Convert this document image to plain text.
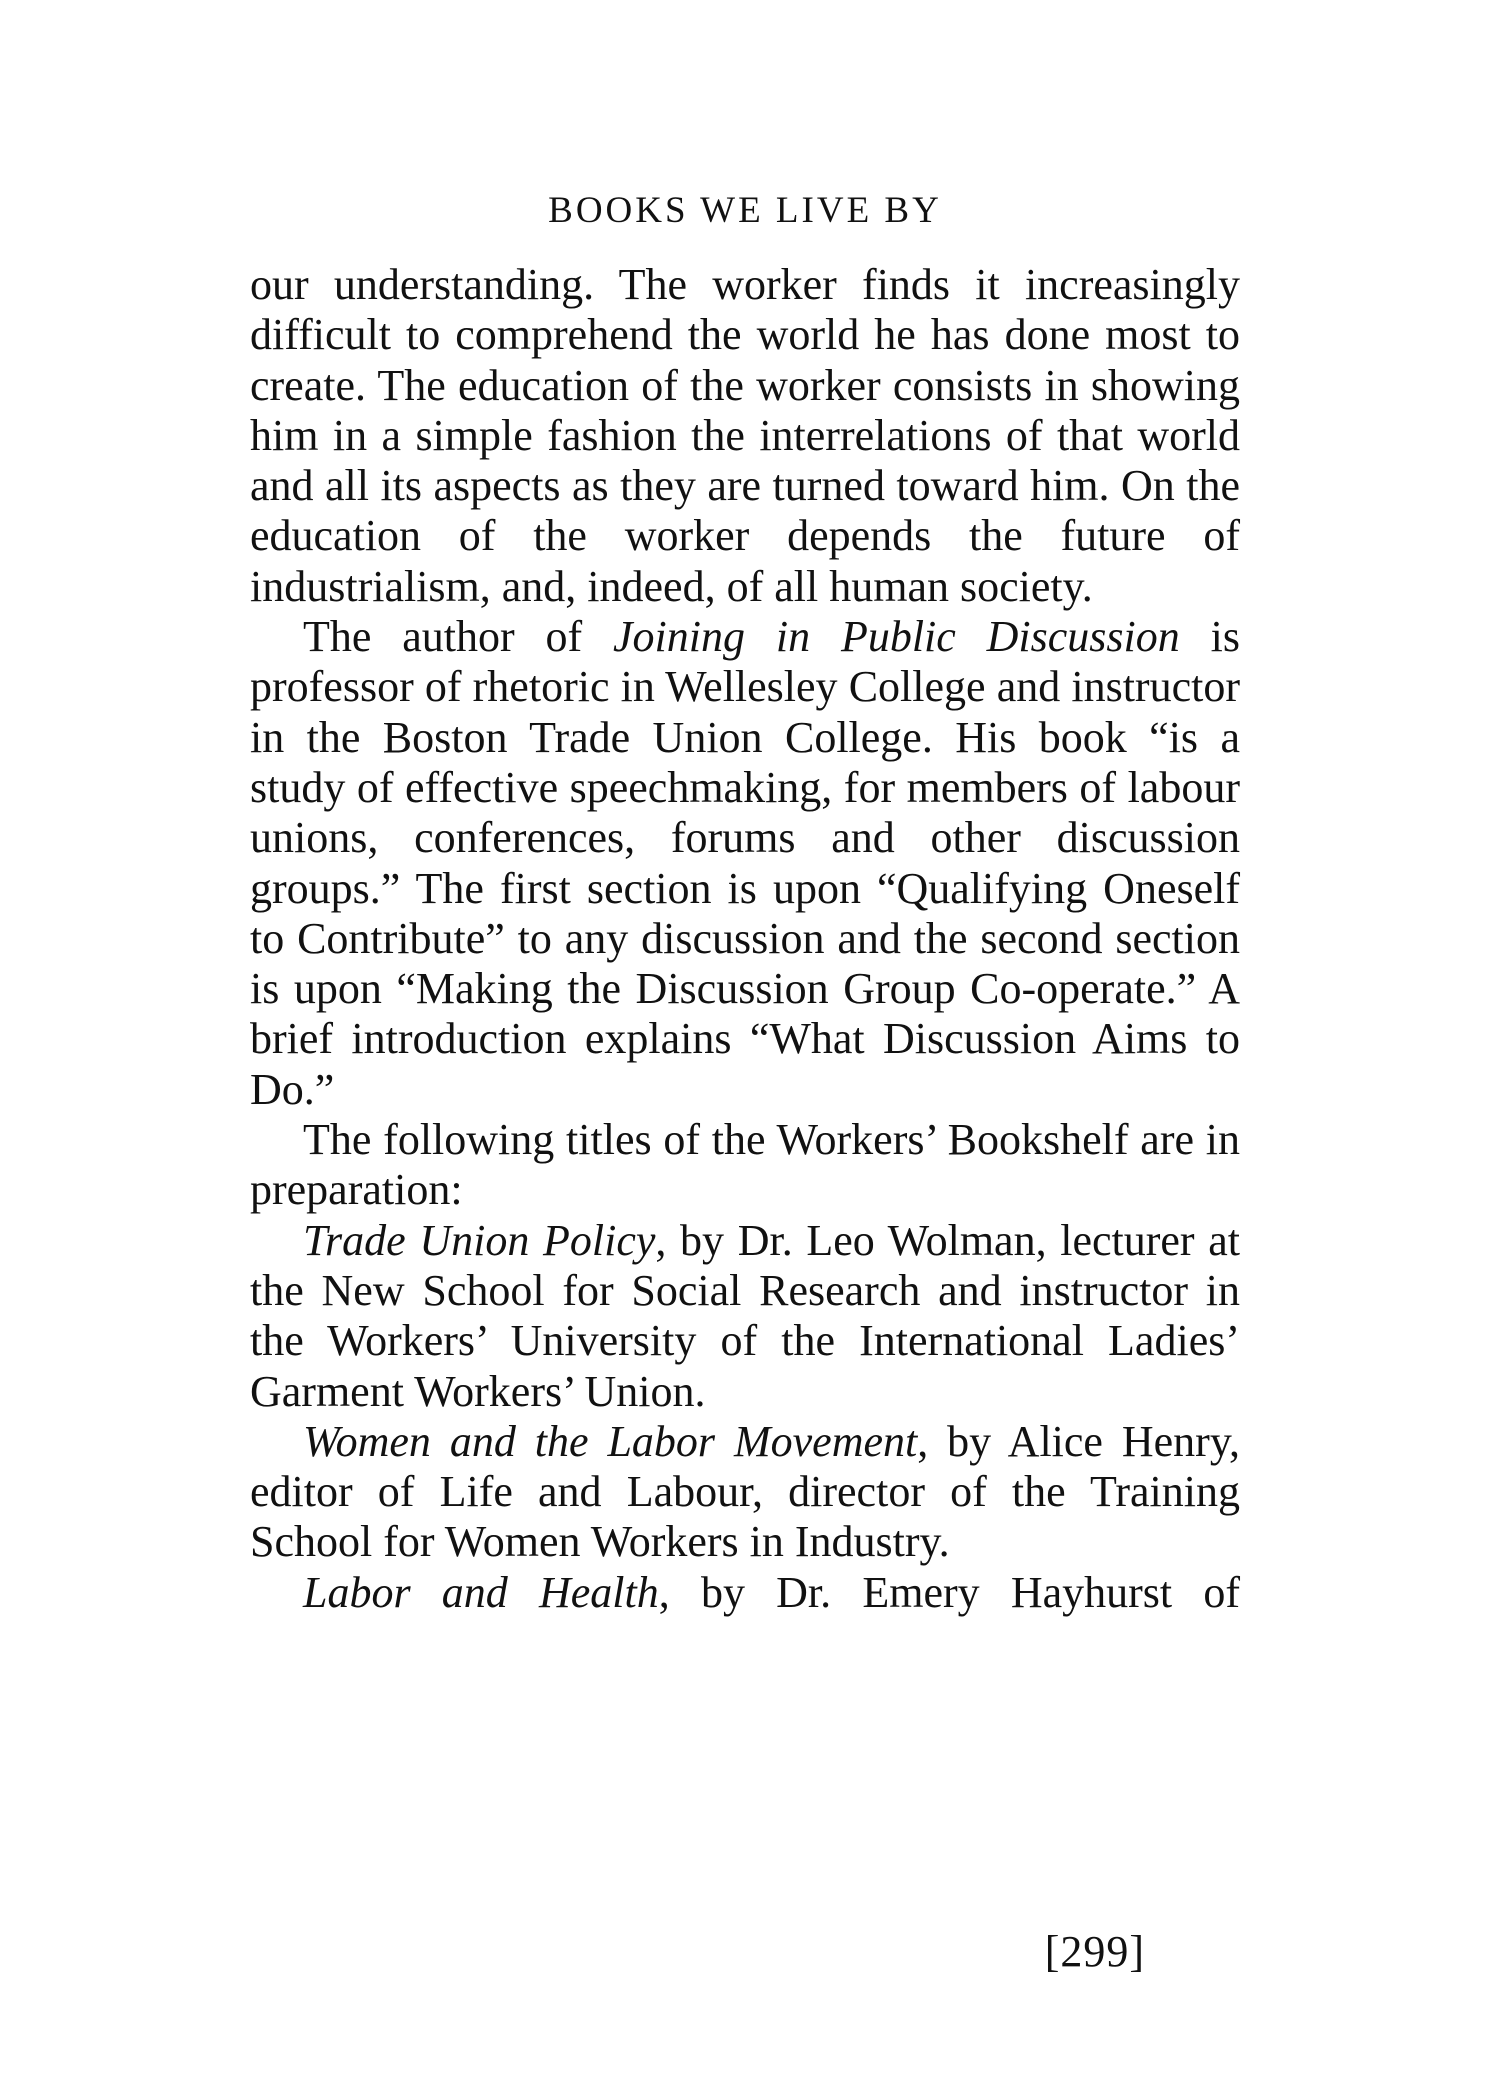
BOOKS WE LIVE BY

our understanding. The worker finds it increasingly difficult to comprehend the world he has done most to create. The education of the worker consists in showing him in a simple fashion the interrelations of that world and all its aspects as they are turned toward him. On the education of the worker depends the future of industrialism, and, indeed, of all human society.

The author of Joining in Public Discussion is professor of rhetoric in Wellesley College and instructor in the Boston Trade Union College. His book “is a study of effective speechmaking, for members of labour unions, conferences, forums and other discussion groups.” The first section is upon “Qualifying Oneself to Contribute” to any discussion and the second section is upon “Making the Discussion Group Co-operate.” A brief introduction explains “What Discussion Aims to Do.”

The following titles of the Workers’ Bookshelf are in preparation:

Trade Union Policy, by Dr. Leo Wolman, lecturer at the New School for Social Research and instructor in the Workers’ University of the International Ladies’ Garment Workers’ Union.

Women and the Labor Movement, by Alice Henry, editor of Life and Labour, director of the Training School for Women Workers in Industry.

Labor and Health, by Dr. Emery Hayhurst of

[299]
